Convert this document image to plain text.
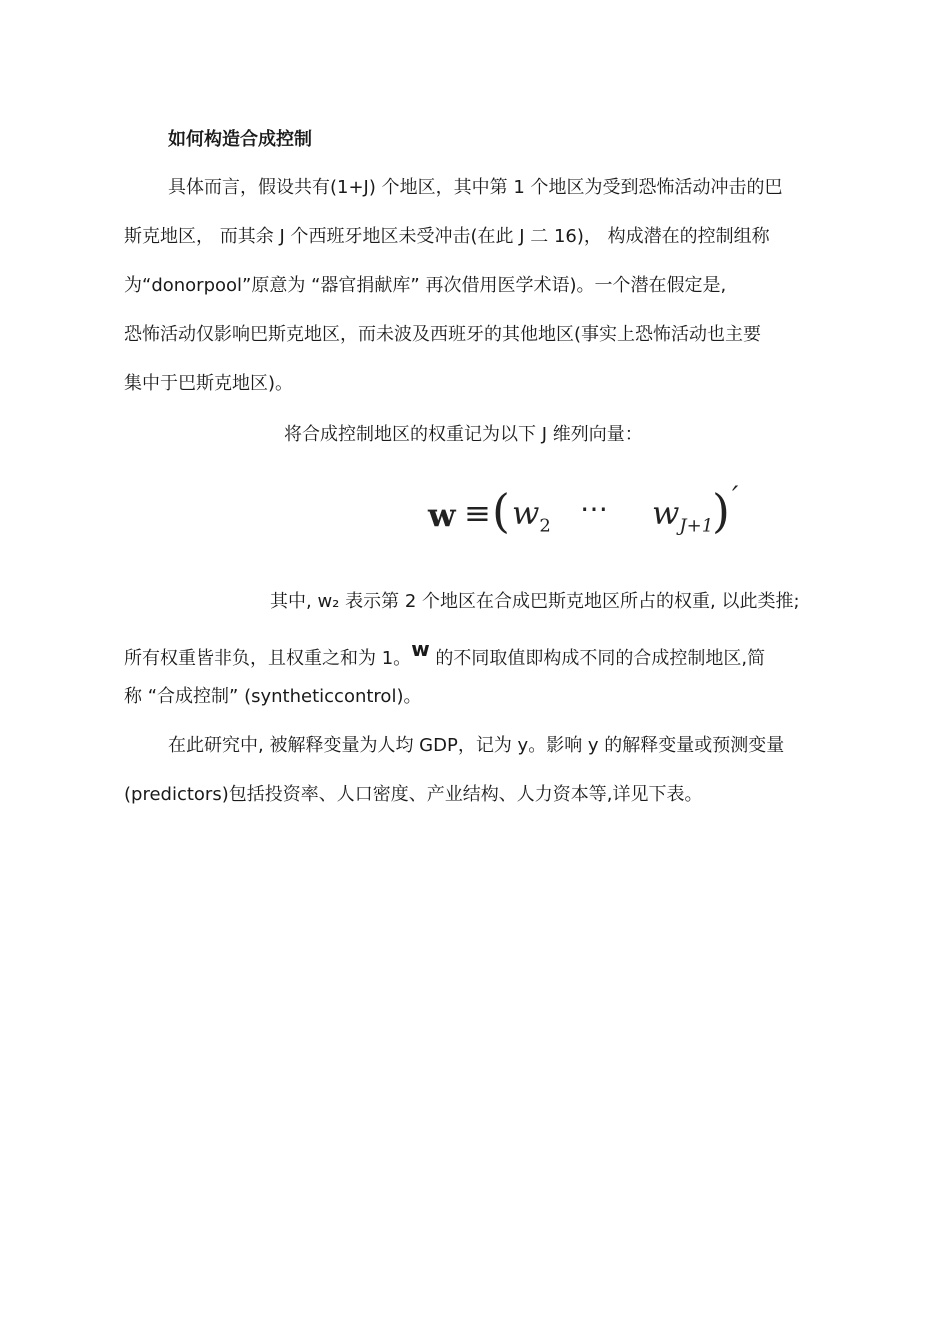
如何构造合成控制
具体而言，假设共有(1+J) 个地区，其中第 1 个地区为受到恐怖活动冲击的巴
斯克地区， 而其余 J 个西班牙地区未受冲击(在此 J 二 16)， 构成潜在的控制组称
为“donorpool”原意为 “器官捐献库” 再次借用医学术语)。一个潜在假定是,
恐怖活动仅影响巴斯克地区，而未波及西班牙的其他地区(事实上恐怖活动也主要
集中于巴斯克地区)。
将合成控制地区的权重记为以下 J 维列向量：
w ≡ ( $w_2$
⋯ $w_{J+1}$
) ′
其中, w₂ 表示第 2 个地区在合成巴斯克地区所占的权重, 以此类推;
所有权重皆非负，且权重之和为 1。w 的不同取值即构成不同的合成控制地区,简
称 “合成控制” (syntheticcontrol)。
在此研究中, 被解释变量为人均 GDP，记为 y。影响 y 的解释变量或预测变量
(predictors)包括投资率、人口密度、产业结构、人力资本等,详见下表。
